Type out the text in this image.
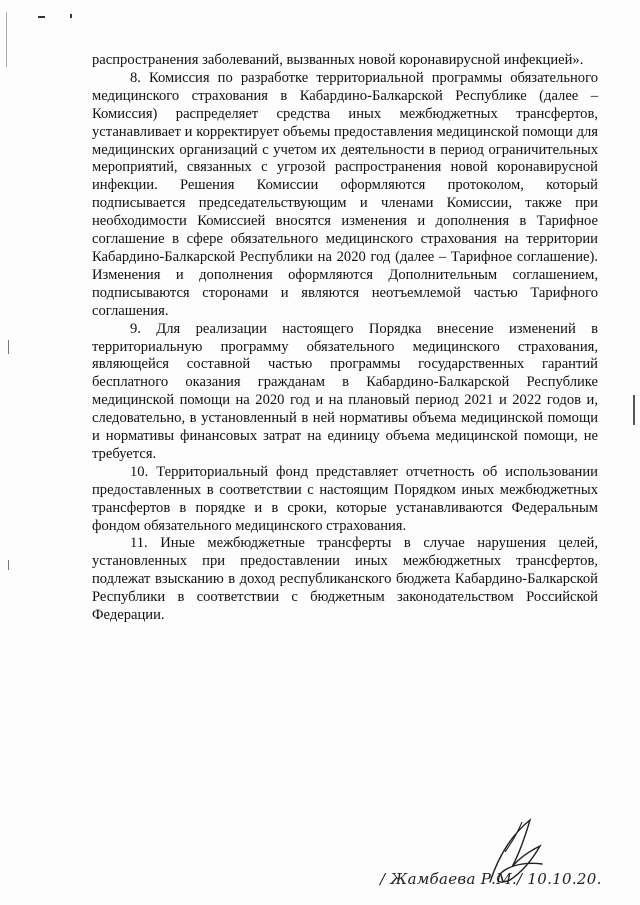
распространения заболеваний, вызванных новой коронавирусной инфекцией».

8. Комиссия по разработке территориальной программы обязательного медицинского страхования в Кабардино-Балкарской Республике (далее – Комиссия) распределяет средства иных межбюджетных трансфертов, устанавливает и корректирует объемы предоставления медицинской помощи для медицинских организаций с учетом их деятельности в период ограничительных мероприятий, связанных с угрозой распространения новой коронавирусной инфекции. Решения Комиссии оформляются протоколом, который подписывается председательствующим и членами Комиссии, также при необходимости Комиссией вносятся изменения и дополнения в Тарифное соглашение в сфере обязательного медицинского страхования на территории Кабардино-Балкарской Республики на 2020 год (далее – Тарифное соглашение). Изменения и дополнения оформляются Дополнительным соглашением, подписываются сторонами и являются неотъемлемой частью Тарифного соглашения.

9. Для реализации настоящего Порядка внесение изменений в территориальную программу обязательного медицинского страхования, являющейся составной частью программы государственных гарантий бесплатного оказания гражданам в Кабардино-Балкарской Республике медицинской помощи на 2020 год и на плановый период 2021 и 2022 годов и, следовательно, в установленный в ней нормативы объема медицинской помощи и нормативы финансовых затрат на единицу объема медицинской помощи, не требуется.

10. Территориальный фонд представляет отчетность об использовании предоставленных в соответствии с настоящим Порядком иных межбюджетных трансфертов в порядке и в сроки, которые устанавливаются Федеральным фондом обязательного медицинского страхования.

11. Иные межбюджетные трансферты в случае нарушения целей, установленных при предоставлении иных межбюджетных трансфертов, подлежат взысканию в доход республиканского бюджета Кабардино-Балкарской Республики в соответствии с бюджетным законодательством Российской Федерации.

/ Жамбаева Р.М./ 10.10.20.
